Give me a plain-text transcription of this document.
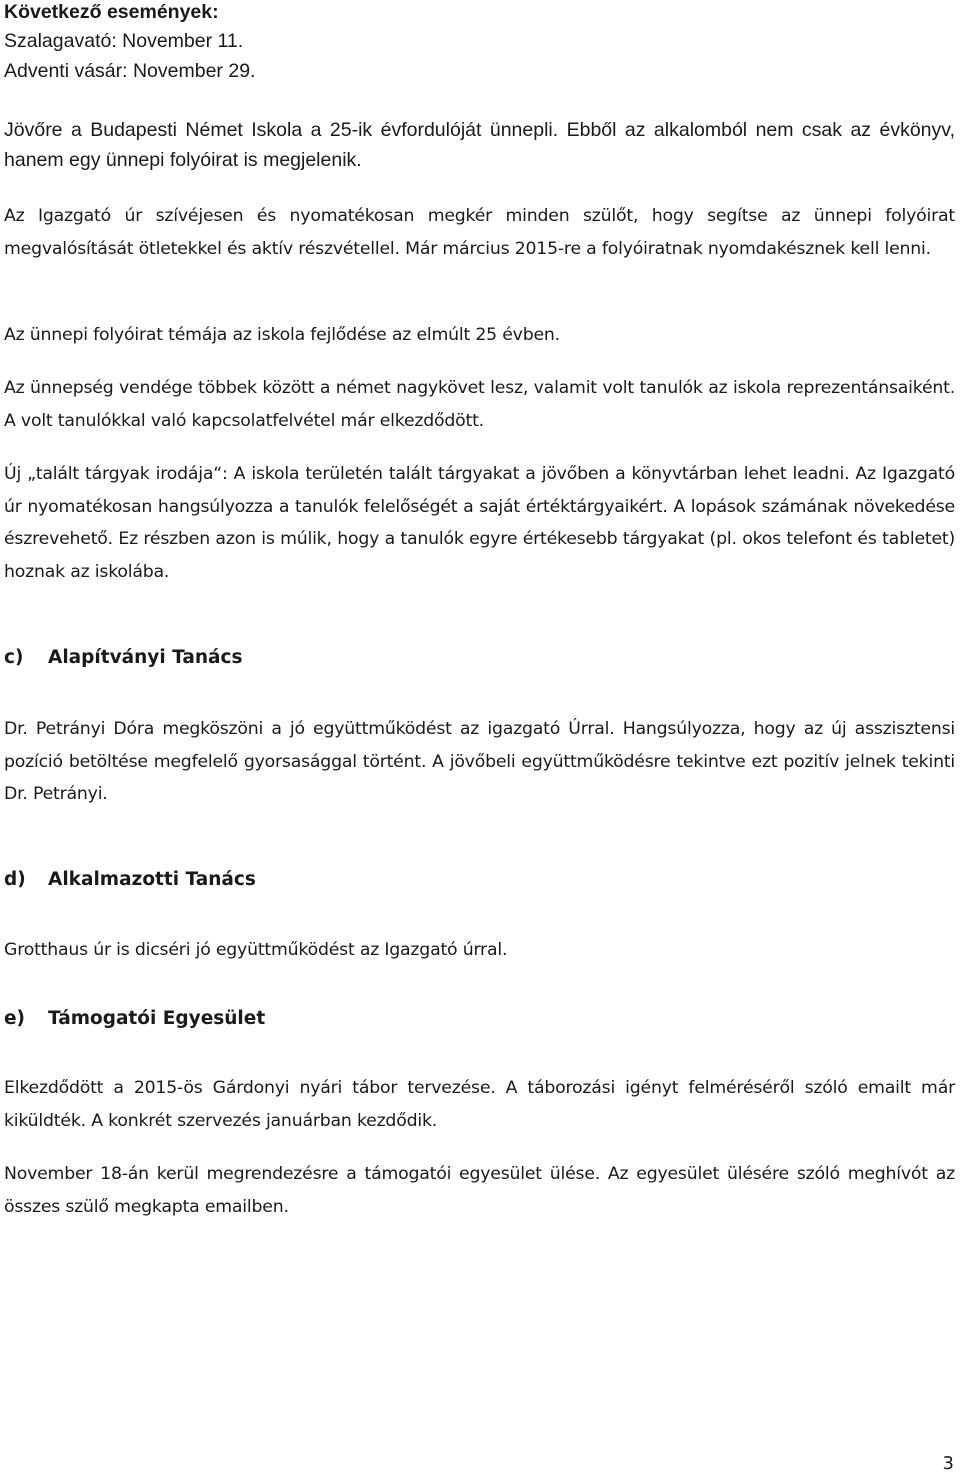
Következő események:
Szalagavató: November 11.
Adventi vásár: November 29.

Jövőre a Budapesti Német Iskola a 25-ik évfordulóját ünnepli. Ebből az alkalomból nem csak az évkönyv, hanem egy ünnepi folyóirat is megjelenik.

Az Igazgató úr szívéjesen és nyomatékosan megkér minden szülőt, hogy segítse az ünnepi folyóirat megvalósítását ötletekkel és aktív részvétellel. Már március 2015-re a folyóiratnak nyomdakésznek kell lenni.

Az ünnepi folyóirat témája az iskola fejlődése az elmúlt 25 évben.

Az ünnepség vendége többek között a német nagykövet lesz, valamit volt tanulók az iskola reprezentánsaiként. A volt tanulókkal való kapcsolatfelvétel már elkezdődött.

Új „talált tárgyak irodája“: A iskola területén talált tárgyakat a jövőben a könyvtárban lehet leadni. Az Igazgató úr nyomatékosan hangsúlyozza a tanulók felelőségét a saját értéktárgyaikért. A lopások számának növekedése észrevehető. Ez részben azon is múlik, hogy a tanulók egyre értékesebb tárgyakat (pl. okos telefont és tabletet) hoznak az iskolába.

c) Alapítványi Tanács

Dr. Petrányi Dóra megköszöni a jó együttműködést az igazgató Úrral. Hangsúlyozza, hogy az új asszisztensi pozíció betöltése megfelelő gyorsasággal történt. A jövőbeli együttműködésre tekintve ezt pozitív jelnek tekinti Dr. Petrányi.

d) Alkalmazotti Tanács

Grotthaus úr is dicséri jó együttműködést az Igazgató úrral.

e) Támogatói Egyesület

Elkezdődött a 2015-ös Gárdonyi nyári tábor tervezése. A táborozási igényt felméréséről szóló emailt már kiküldték. A konkrét szervezés januárban kezdődik.

November 18-án kerül megrendezésre a támogatói egyesület ülése. Az egyesület ülésére szóló meghívót az összes szülő megkapta emailben.

3
